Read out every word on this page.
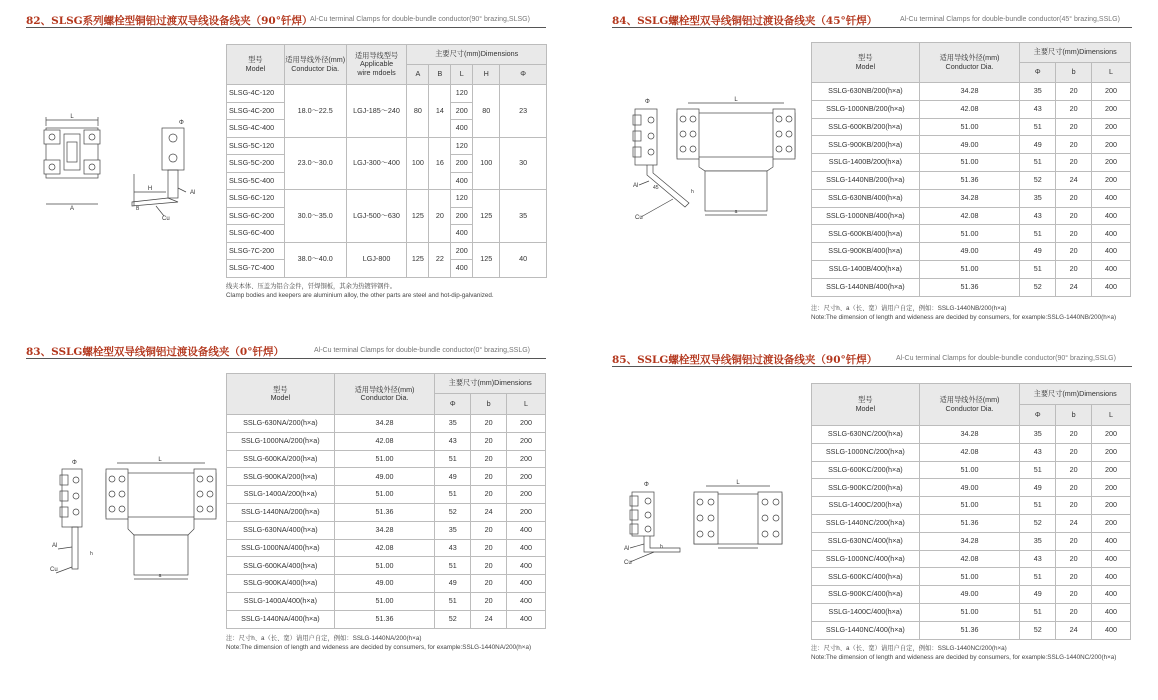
82、SLSG系列螺栓型铜铝过渡双导线设备线夹（90°钎焊）
Al-Cu terminal Clamps for double-bundle conductor(90° brazing,SLSG)
型号
Model	适用导线外径(mm)
Conductor Dia.	适用导线型号
Applicable
wire mdoels	主要尺寸(mm)Dimensions				
			A	B	L	H	Φ
SLSG-4C-120	18.0～22.5	LGJ-185～240	80	14	120	80	23
SLSG-4C-200					200		
SLSG-4C-400					400		
SLSG-5C-120	23.0～30.0	LGJ-300～400	100	16	120	100	30
SLSG-5C-200					200		
SLSG-5C-400					400		
SLSG-6C-120	30.0～35.0	LGJ-500～630	125	20	120	125	35
SLSG-6C-200					200		
SLSG-6C-400					400		
SLSG-7C-200	38.0～40.0	LGJ-800	125	22	200	125	40
SLSG-7C-400					400		
线夹本体、压盖为铝合金件，钎焊铜板，其余为热镀锌钢件。
Clamp bodies and keepers are aluminium alloy, the other parts are steel and hot-dip-galvanized.
L
A
H
Φ
Al
Cu
B
83、SSLG螺栓型双导线铜铝过渡设备线夹（0°钎焊）	Al-Cu terminal Clamps for double-bundle conductor(0° brazing,SSLG)
型号
Model	适用导线外径(mm)
Conductor Dia.	主要尺寸(mm)Dimensions		
		Φ	b	L
SSLG-630NA/200(h×a)	34.28	35	20	200
SSLG-1000NA/200(h×a)	42.08	43	20	200
SSLG-600KA/200(h×a)	51.00	51	20	200
SSLG-900KA/200(h×a)	49.00	49	20	200
SSLG-1400A/200(h×a)	51.00	51	20	200
SSLG-1440NA/200(h×a)	51.36	52	24	200
SSLG-630NA/400(h×a)	34.28	35	20	400
SSLG-1000NA/400(h×a)	42.08	43	20	400
SSLG-600KA/400(h×a)	51.00	51	20	400
SSLG-900KA/400(h×a)	49.00	49	20	400
SSLG-1400A/400(h×a)	51.00	51	20	400
SSLG-1440NA/400(h×a)	51.36	52	24	400
注：尺寸h、a（长、宽）请用户自定，例如：SSLG-1440NA/200(h×a)
Note:The dimension of length and wideness are decided by consumers, for example:SSLG-1440NA/200(h×a)
Φ
Al
Cu
h
L
a
84、SSLG螺栓型双导线铜铝过渡设备线夹（45°钎焊）	Al-Cu terminal Clamps for double-bundle conductor(45° brazing,SSLG)
型号
Model	适用导线外径(mm)
Conductor Dia.	主要尺寸(mm)Dimensions		
		Φ	b	L
SSLG-630NB/200(h×a)	34.28	35	20	200
SSLG-1000NB/200(h×a)	42.08	43	20	200
SSLG-600KB/200(h×a)	51.00	51	20	200
SSLG-900KB/200(h×a)	49.00	49	20	200
SSLG-1400B/200(h×a)	51.00	51	20	200
SSLG-1440NB/200(h×a)	51.36	52	24	200
SSLG-630NB/400(h×a)	34.28	35	20	400
SSLG-1000NB/400(h×a)	42.08	43	20	400
SSLG-600KB/400(h×a)	51.00	51	20	400
SSLG-900KB/400(h×a)	49.00	49	20	400
SSLG-1400B/400(h×a)	51.00	51	20	400
SSLG-1440NB/400(h×a)	51.36	52	24	400
注：尺寸h、a（长、宽）请用户自定，例如：SSLG-1440NB/200(h×a)
Note:The dimension of length and wideness are decided by consumers, for example:SSLG-1440NB/200(h×a)
Φ
Al
Cu
45
L
a
h
85、SSLG螺栓型双导线铜铝过渡设备线夹（90°钎焊）	Al-Cu terminal Clamps for double-bundle conductor(90° brazing,SSLG)
型号
Model	适用导线外径(mm)
Conductor Dia.	主要尺寸(mm)Dimensions		
		Φ	b	L
SSLG-630NC/200(h×a)	34.28	35	20	200
SSLG-1000NC/200(h×a)	42.08	43	20	200
SSLG-600KC/200(h×a)	51.00	51	20	200
SSLG-900KC/200(h×a)	49.00	49	20	200
SSLG-1400C/200(h×a)	51.00	51	20	200
SSLG-1440NC/200(h×a)	51.36	52	24	200
SSLG-630NC/400(h×a)	34.28	35	20	400
SSLG-1000NC/400(h×a)	42.08	43	20	400
SSLG-600KC/400(h×a)	51.00	51	20	400
SSLG-900KC/400(h×a)	49.00	49	20	400
SSLG-1400C/400(h×a)	51.00	51	20	400
SSLG-1440NC/400(h×a)	51.36	52	24	400
注：尺寸h、a（长、宽）请用户自定，例如：SSLG-1440NC/200(h×a)
Note:The dimension of length and wideness are decided by consumers, for example:SSLG-1440NC/200(h×a)
Φ
Al
Cu
h
L
